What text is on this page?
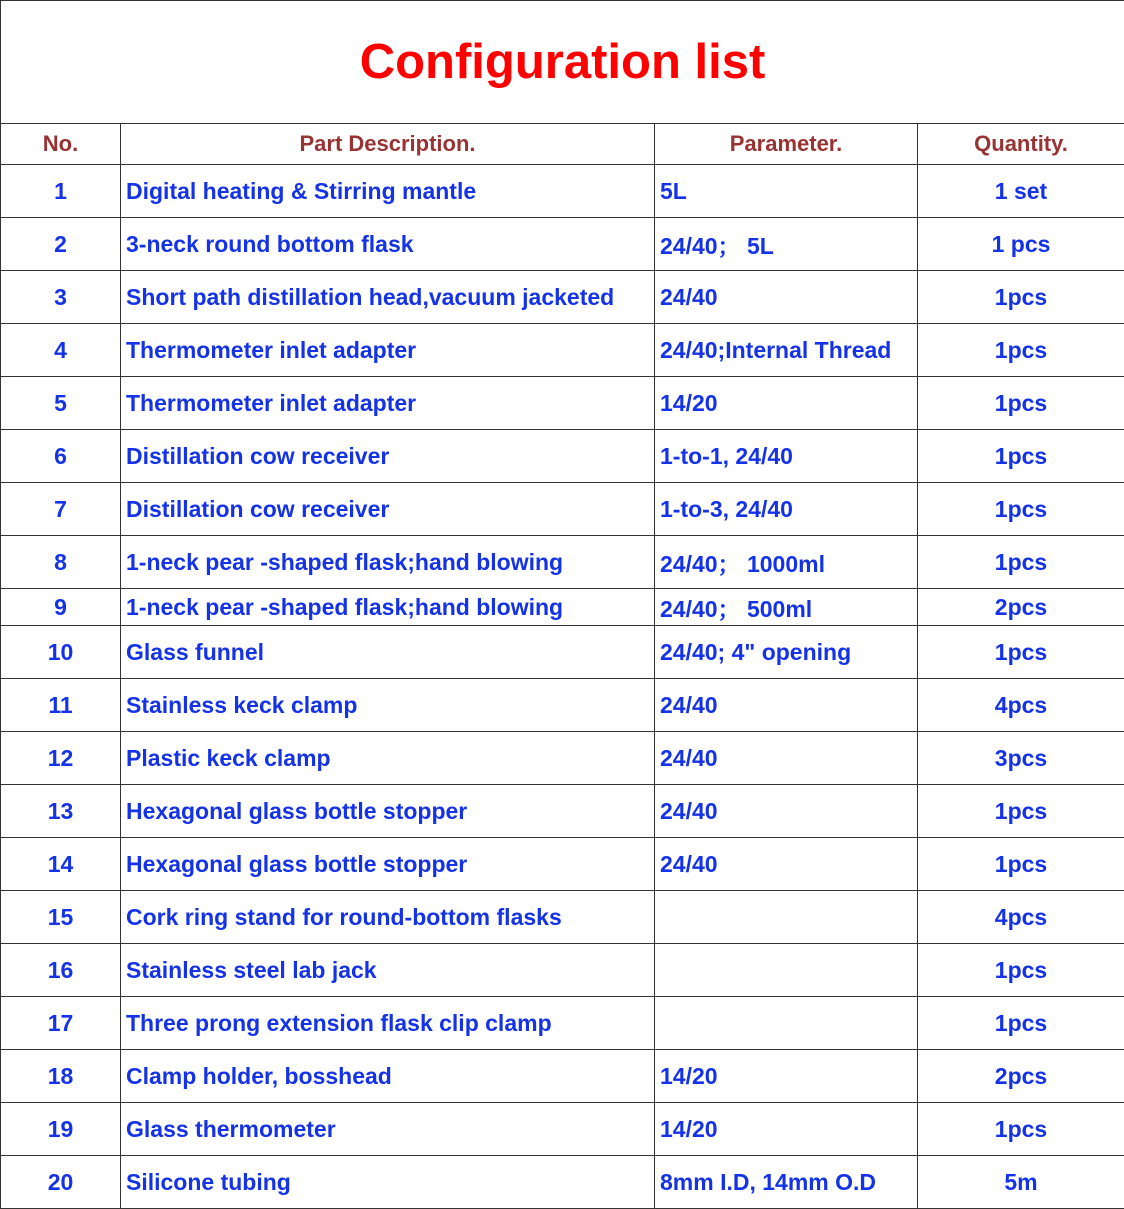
Configuration list			
No.	Part Description.	Parameter.	Quantity.
1	Digital heating & Stirring mantle	5L	1 set
2	3-neck round bottom flask	24/40； 5L	1 pcs
3	Short path distillation head,vacuum jacketed	24/40	1pcs
4	Thermometer inlet adapter	24/40;Internal Thread	1pcs
5	Thermometer inlet adapter	14/20	1pcs
6	Distillation cow receiver	1-to-1, 24/40	1pcs
7	Distillation cow receiver	1-to-3, 24/40	1pcs
8	1-neck pear -shaped flask;hand blowing	24/40； 1000ml	1pcs
9	1-neck pear -shaped flask;hand blowing	24/40； 500ml	2pcs
10	Glass funnel	24/40; 4" opening	1pcs
11	Stainless keck clamp	24/40	4pcs
12	Plastic keck clamp	24/40	3pcs
13	Hexagonal glass bottle stopper	24/40	1pcs
14	Hexagonal glass bottle stopper	24/40	1pcs
15	Cork ring stand for round-bottom flasks		4pcs
16	Stainless steel lab jack		1pcs
17	Three prong extension flask clip clamp		1pcs
18	Clamp holder, bosshead	14/20	2pcs
19	Glass thermometer	14/20	1pcs
20	Silicone tubing	8mm I.D, 14mm O.D	5m
